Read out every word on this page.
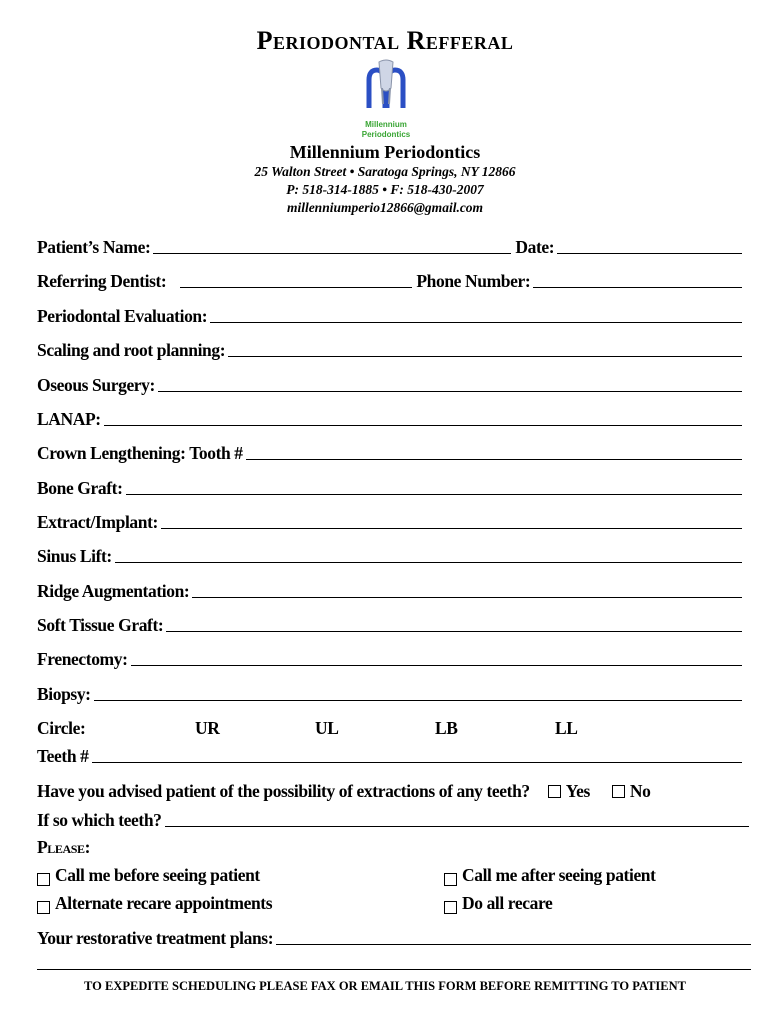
Periodontal Refferal
Millennium
Periodontics
Millennium Periodontics
25 Walton Street • Saratoga Springs, NY 12866
P: 518-314-1885 • F: 518-430-2007
millenniumperio12866@gmail.com
Patient’s Name:	Date:
Referring Dentist:	Phone Number:
Periodontal Evaluation:
Scaling and root planning:
Oseous Surgery:
LANAP:
Crown Lengthening: Tooth #
Bone Graft:
Extract/Implant:
Sinus Lift:
Ridge Augmentation:
Soft Tissue Graft:
Frenectomy:
Biopsy:
Circle:	UR	UL	LB	LL
Teeth #
Have you advised patient of the possibility of extractions of any teeth?	Yes	No
If so which teeth?
Please:
Call me before seeing patient	Call me after seeing patient
Alternate recare appointments	Do all recare
Your restorative treatment plans:
TO EXPEDITE SCHEDULING PLEASE FAX OR EMAIL THIS FORM BEFORE REMITTING TO PATIENT
